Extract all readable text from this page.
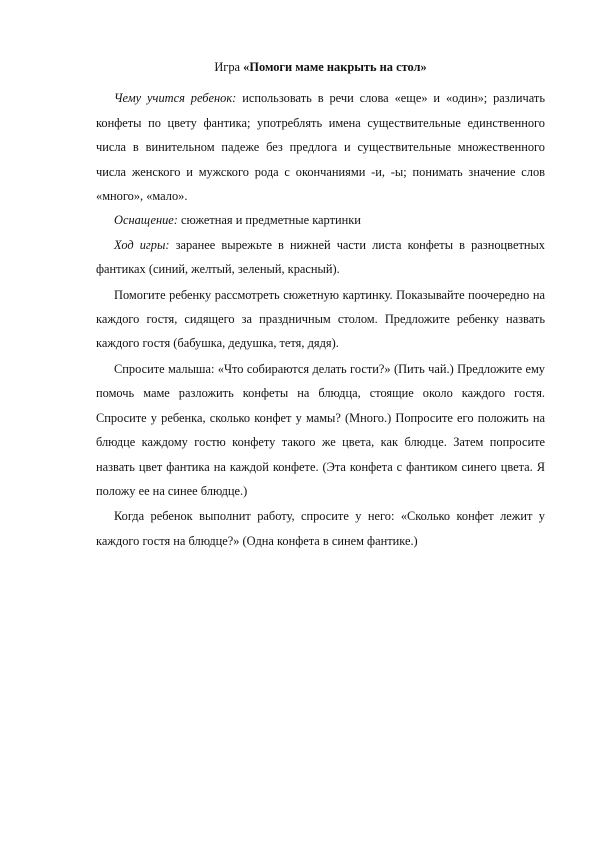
Игра «Помоги маме накрыть на стол»

Чему учится ребенок: использовать в речи слова «еще» и «один»; различать конфеты по цвету фантика; употреблять имена существительные единственного числа в винительном падеже без предлога и существительные множественного числа женского и мужского рода с окончаниями -и, -ы; понимать значение слов «много», «мало».

Оснащение: сюжетная и предметные картинки

Ход игры: заранее вырежьте в нижней части листа конфеты в разноцветных фантиках (синий, желтый, зеленый, красный).

Помогите ребенку рассмотреть сюжетную картинку. Показывайте поочередно на каждого гостя, сидящего за праздничным столом. Предложите ребенку назвать каждого гостя (бабушка, дедушка, тетя, дядя).

Спросите малыша: «Что собираются делать гости?» (Пить чай.) Предложите ему помочь маме разложить конфеты на блюдца, стоящие около каждого гостя. Спросите у ребенка, сколько конфет у мамы? (Много.) Попросите его положить на блюдце каждому гостю конфету такого же цвета, как блюдце. Затем попросите назвать цвет фантика на каждой конфете. (Эта конфета с фантиком синего цвета. Я положу ее на синее блюдце.)

Когда ребенок выполнит работу, спросите у него: «Сколько конфет лежит у каждого гостя на блюдце?» (Одна конфета в синем фантике.)
